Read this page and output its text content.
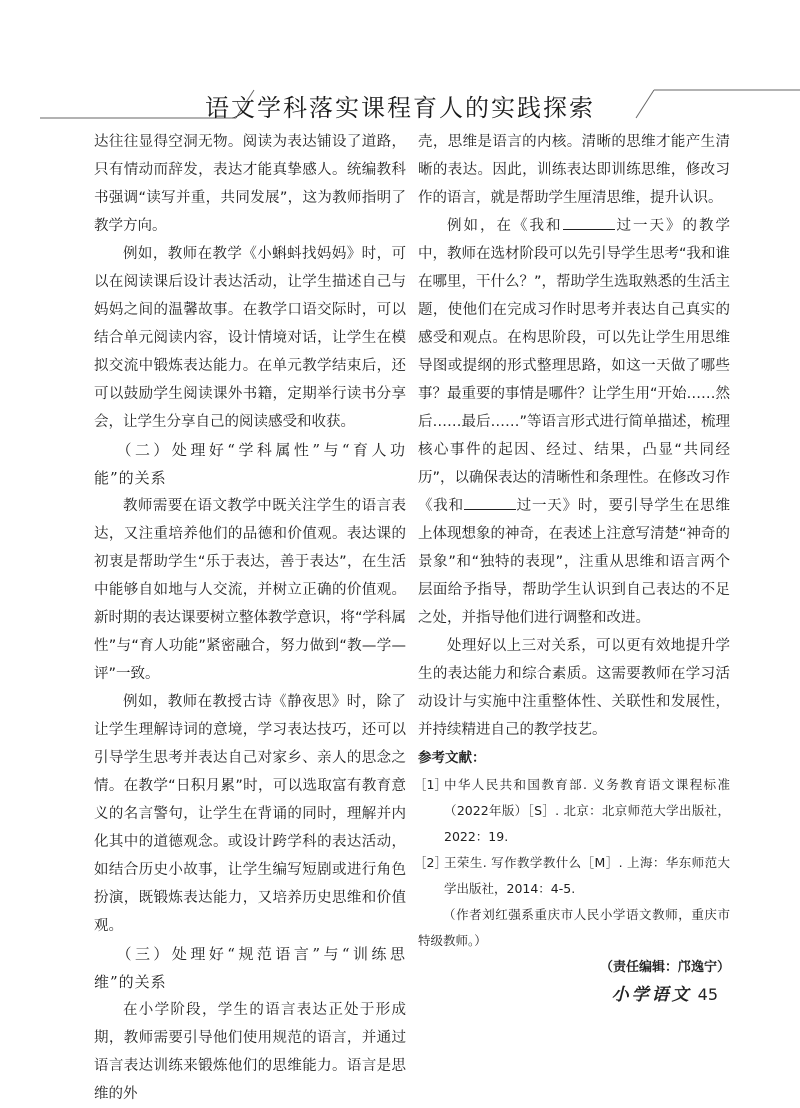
语文学科落实课程育人的实践探索

达往往显得空洞无物。阅读为表达铺设了道路，只有情动而辞发，表达才能真挚感人。统编教科书强调“读写并重，共同发展”，这为教师指明了教学方向。

例如，教师在教学《小蝌蚪找妈妈》时，可以在阅读课后设计表达活动，让学生描述自己与妈妈之间的温馨故事。在教学口语交际时，可以结合单元阅读内容，设计情境对话，让学生在模拟交流中锻炼表达能力。在单元教学结束后，还可以鼓励学生阅读课外书籍，定期举行读书分享会，让学生分享自己的阅读感受和收获。

（二）处理好“学科属性”与“育人功能”的关系

教师需要在语文教学中既关注学生的语言表达，又注重培养他们的品德和价值观。表达课的初衷是帮助学生“乐于表达，善于表达”，在生活中能够自如地与人交流，并树立正确的价值观。新时期的表达课要树立整体教学意识，将“学科属性”与“育人功能”紧密融合，努力做到“教—学—评”一致。

例如，教师在教授古诗《静夜思》时，除了让学生理解诗词的意境，学习表达技巧，还可以引导学生思考并表达自己对家乡、亲人的思念之情。在教学“日积月累”时，可以选取富有教育意义的名言警句，让学生在背诵的同时，理解并内化其中的道德观念。或设计跨学科的表达活动，如结合历史小故事，让学生编写短剧或进行角色扮演，既锻炼表达能力，又培养历史思维和价值观。

（三）处理好“规范语言”与“训练思维”的关系

在小学阶段，学生的语言表达正处于形成期，教师需要引导他们使用规范的语言，并通过语言表达训练来锻炼他们的思维能力。语言是思维的外

壳，思维是语言的内核。清晰的思维才能产生清晰的表达。因此，训练表达即训练思维，修改习作的语言，就是帮助学生厘清思维，提升认识。

例如，在《我和	过一天》的教学中，教师在选材阶段可以先引导学生思考“我和谁在哪里，干什么？”，帮助学生选取熟悉的生活主题，使他们在完成习作时思考并表达自己真实的感受和观点。在构思阶段，可以先让学生用思维导图或提纲的形式整理思路，如这一天做了哪些事？最重要的事情是哪件？让学生用“开始……然后……最后……”等语言形式进行简单描述，梳理核心事件的起因、经过、结果，凸显“共同经历”，以确保表达的清晰性和条理性。在修改习作《我和	过一天》时，要引导学生在思维上体现想象的神奇，在表述上注意写清楚“神奇的景象”和“独特的表现”，注重从思维和语言两个层面给予指导，帮助学生认识到自己表达的不足之处，并指导他们进行调整和改进。

处理好以上三对关系，可以更有效地提升学生的表达能力和综合素质。这需要教师在学习活动设计与实施中注重整体性、关联性和发展性，并持续精进自己的教学技艺。

参考文献：

［1］
中华人民共和国教育部. 义务教育语文课程标准（2022年版）［S］. 北京：北京师范大学出版社，2022：19.

［2］
王荣生. 写作教学教什么［M］. 上海：华东师范大学出版社，2014：4-5.

（作者刘红强系重庆市人民小学语文教师，重庆市特级教师。）

（责任编辑：邝逸宁）

小学语文 45
